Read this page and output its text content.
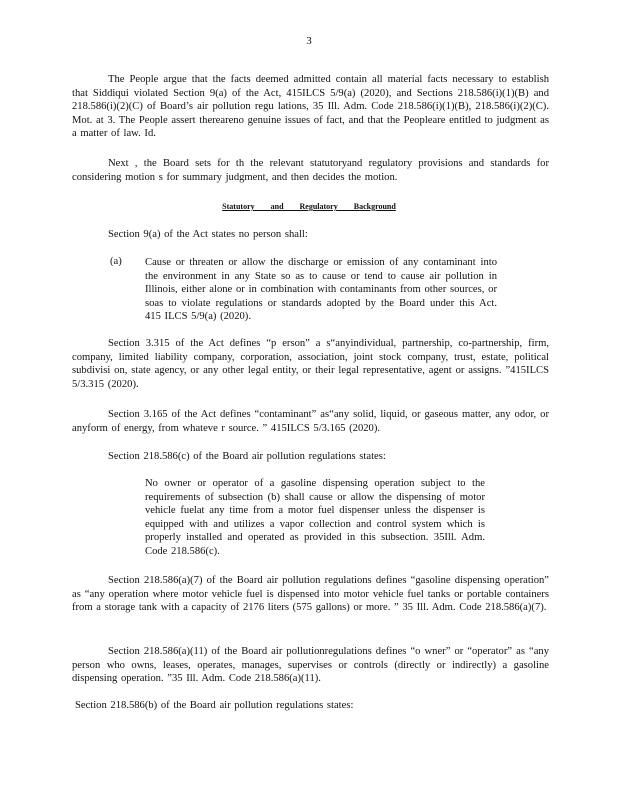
3
The People argue that the facts deemed admitted contain all material facts necessary to establish that Siddiqui violated Section 9(a) of the Act, 415ILCS 5/9(a) (2020), and Sections 218.586(i)(1)(B) and 218.586(i)(2)(C) of Board’s air pollution regu lations, 35 Ill. Adm. Code 218.586(i)(1)(B), 218.586(i)(2)(C). Mot. at 3. The People assert thereareno genuine issues of fact, and that the Peopleare entitled to judgment as a matter of law. Id.
Next , the Board sets for th the relevant statutoryand regulatory provisions and standards for considering motion s for summary judgment, and then decides the motion.
Statutory and Regulatory Background
Section 9(a) of the Act states no person shall:
(a) Cause or threaten or allow the discharge or emission of any contaminant into the environment in any State so as to cause or tend to cause air pollution in Illinois, either alone or in combination with contaminants from other sources, or soas to violate regulations or standards adopted by the Board under this Act. 415 ILCS 5/9(a) (2020).
Section 3.315 of the Act defines “p erson” a s“anyindividual, partnership, co-partnership, firm, company, limited liability company, corporation, association, joint stock company, trust, estate, political subdivisi on, state agency, or any other legal entity, or their legal representative, agent or assigns. ”415ILCS 5/3.315 (2020).
Section 3.165 of the Act defines “contaminant” as“any solid, liquid, or gaseous matter, any odor, or anyform of energy, from whateve r source. ” 415ILCS 5/3.165 (2020).
Section 218.586(c) of the Board air pollution regulations states:
No owner or operator of a gasoline dispensing operation subject to the requirements of subsection (b) shall cause or allow the dispensing of motor vehicle fuelat any time from a motor fuel dispenser unless the dispenser is equipped with and utilizes a vapor collection and control system which is properly installed and operated as provided in this subsection. 35Ill. Adm. Code 218.586(c).
Section 218.586(a)(7) of the Board air pollution regulations defines “gasoline dispensing operation” as “any operation where motor vehicle fuel is dispensed into motor vehicle fuel tanks or portable containers from a storage tank with a capacity of 2176 liters (575 gallons) or more. ” 35 Ill. Adm. Code 218.586(a)(7).
Section 218.586(a)(11) of the Board air pollutionregulations defines “o wner” or “operator” as “any person who owns, leases, operates, manages, supervises or controls (directly or indirectly) a gasoline dispensing operation. ”35 Ill. Adm. Code 218.586(a)(11).
Section 218.586(b) of the Board air pollution regulations states:
